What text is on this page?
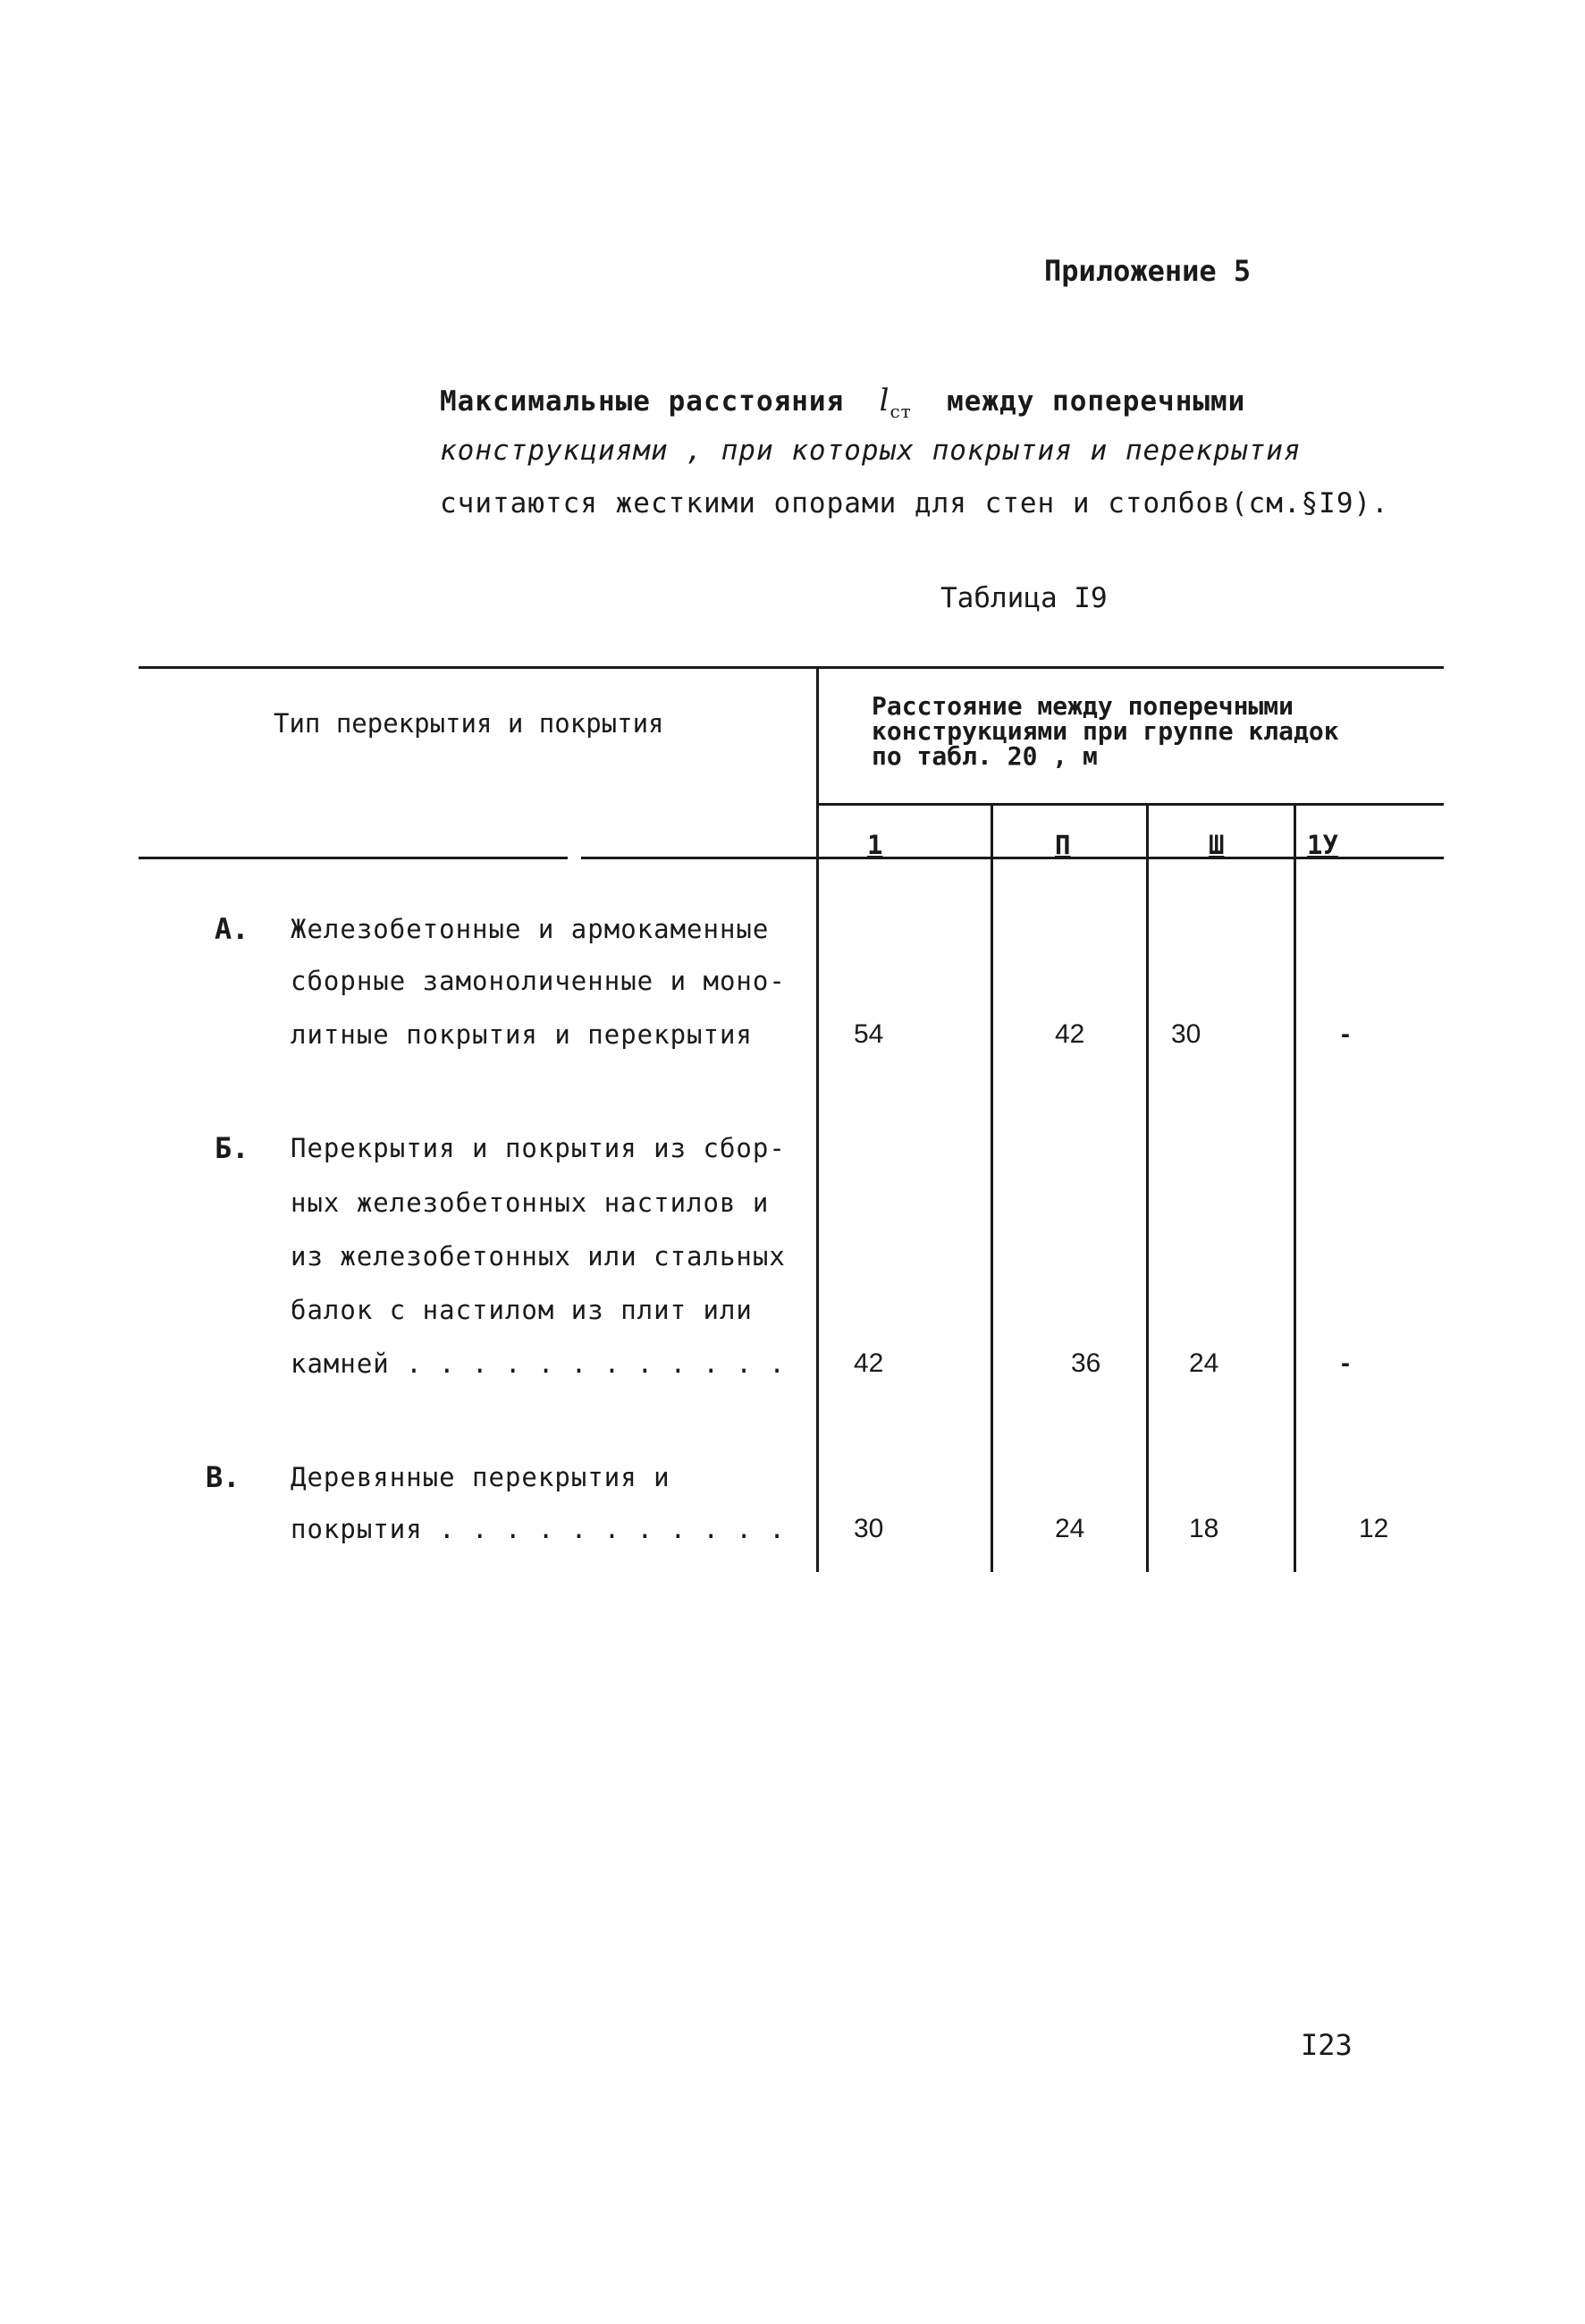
Приложение 5
Максимальные расстояния $l_{ст}$ между поперечными
конструкциями , при которых покрытия и перекрытия
считаются жесткими опорами для стен и столбов(см.§I9).
Таблица I9
Тип перекрытия и покрытия
Расстояние между поперечными конструкциями при группе кладок по табл. 20 , м
1	П	Ш	1У
А. Железобетонные и армокаменные
сборные замоноличенные и моно-
литные покрытия и перекрытия	54	42	30	-
Б. Перекрытия и покрытия из сбор-
ных железобетонных настилов и
из железобетонных или стальных
балок с настилом из плит или
камней . . . . . . . . . . . .	42	36	24	-
В. Деревянные перекрытия и
покрытия . . . . . . . . . . .	30	24	18	12
I23
